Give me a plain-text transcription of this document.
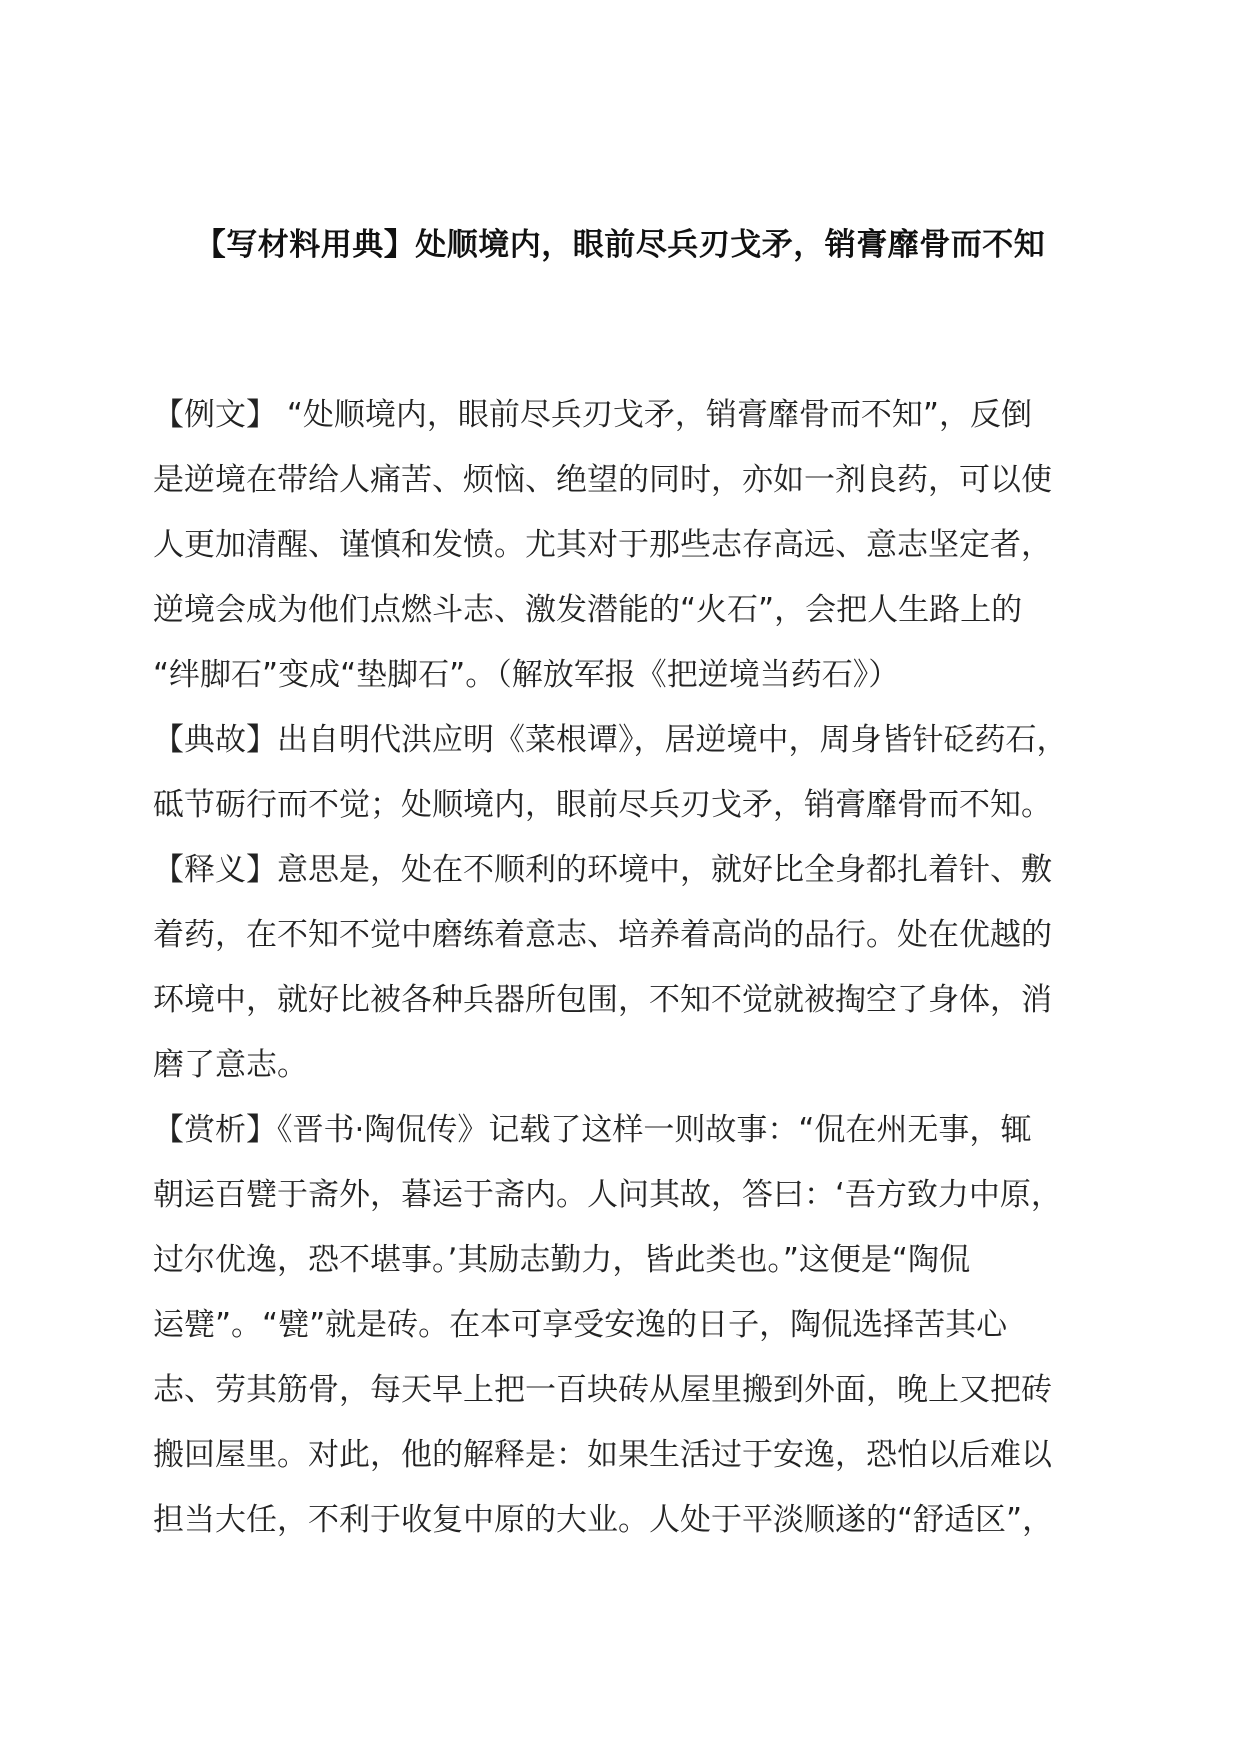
【写材料用典】处顺境内，眼前尽兵刃戈矛，销膏靡骨而不知
【例文】 “处顺境内，眼前尽兵刃戈矛，销膏靡骨而不知”，反倒
是逆境在带给人痛苦、烦恼、绝望的同时，亦如一剂良药，可以使
人更加清醒、谨慎和发愤。尤其对于那些志存高远、意志坚定者，
逆境会成为他们点燃斗志、激发潜能的“火石”，会把人生路上的
“绊脚石”变成“垫脚石”。（解放军报《把逆境当药石》）
【典故】出自明代洪应明《菜根谭》，居逆境中，周身皆针砭药石，
砥节砺行而不觉；处顺境内，眼前尽兵刃戈矛，销膏靡骨而不知。
【释义】意思是，处在不顺利的环境中，就好比全身都扎着针、敷
着药，在不知不觉中磨练着意志、培养着高尚的品行。处在优越的
环境中，就好比被各种兵器所包围，不知不觉就被掏空了身体，消
磨了意志。
【赏析】《晋书·陶侃传》记载了这样一则故事：“侃在州无事，辄
朝运百甓于斋外，暮运于斋内。人问其故，答曰：‘吾方致力中原，
过尔优逸，恐不堪事。’其励志勤力，皆此类也。”这便是“陶侃
运甓”。“甓”就是砖。在本可享受安逸的日子，陶侃选择苦其心
志、劳其筋骨，每天早上把一百块砖从屋里搬到外面，晚上又把砖
搬回屋里。对此，他的解释是：如果生活过于安逸，恐怕以后难以
担当大任，不利于收复中原的大业。人处于平淡顺遂的“舒适区”，
